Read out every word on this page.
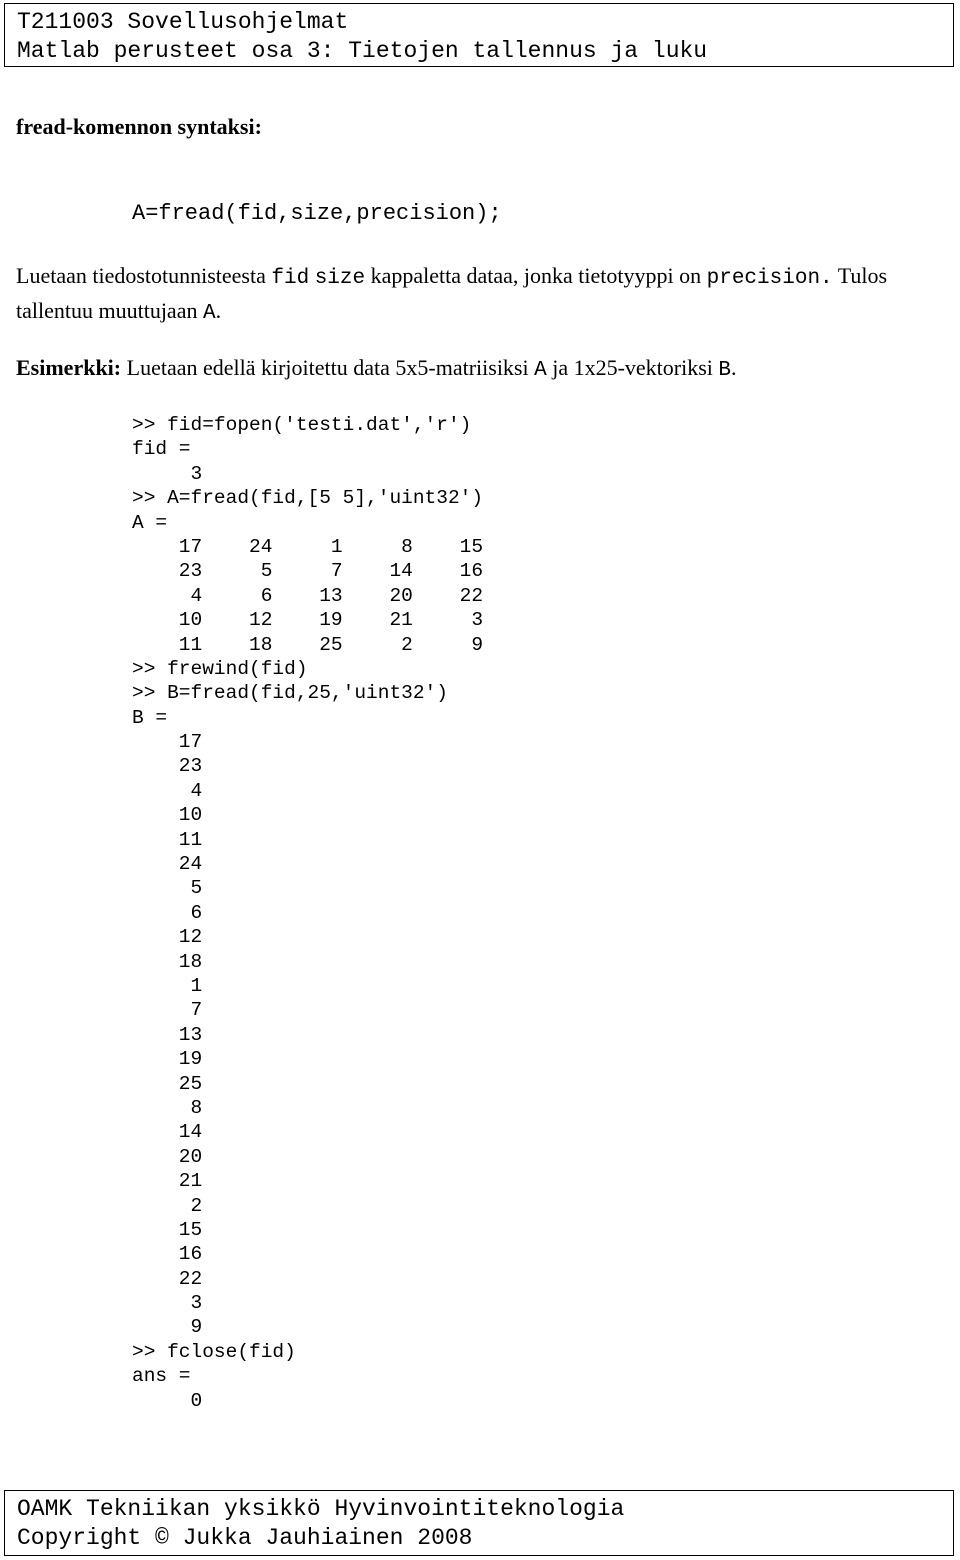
T211003 Sovellusohjelmat
Matlab perusteet osa 3: Tietojen tallennus ja luku
fread-komennon syntaksi:
A=fread(fid,size,precision);
Luetaan tiedostotunnisteesta fid size kappaletta dataa, jonka tietotyyppi on precision. Tulos tallentuu muuttujaan A.
Esimerkki: Luetaan edellä kirjoitettu data 5x5-matriisiksi A ja 1x25-vektoriksi B.
>> fid=fopen('testi.dat','r')
fid =
3
>> A=fread(fid,[5 5],'uint32')
A =
17    24     1     8    15
23     5     7    14    16
4     6    13    20    22
10    12    19    21     3
11    18    25     2     9
>> frewind(fid)
>> B=fread(fid,25,'uint32')
B =
17
23
4
10
11
24
5
6
12
18
1
7
13
19
25
8
14
20
21
2
15
16
22
3
9
>> fclose(fid)
ans =
0
OAMK Tekniikan yksikkö Hyvinvointiteknologia
Copyright © Jukka Jauhiainen 2008
